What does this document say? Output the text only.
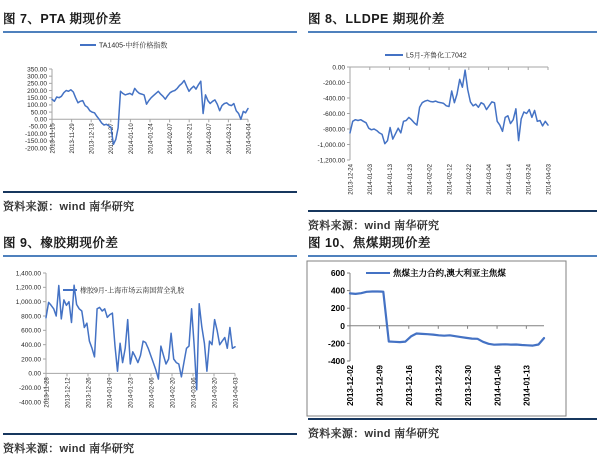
图 7、PTA 期现价差	图 8、LLDPE 期现价差
图 9、橡胶期现价差	图 10、焦煤期现价差
350.00
300.00
250.00
200.00
150.00
100.00
50.00
0.00
-50.00
-100.00
-150.00
-200.00 2013-11-15 2013-11-29 2013-12-13 2013-12-27 2014-01-10 2014-01-24 2014-02-07 2014-02-21 2014-03-07 2014-03-21 2014-04-04
TA1405-中纤价格指数
0.00
-200.00
-400.00
-600.00
-800.00
-1,000.00
-1,200.00
2013-12-24 2014-01-03 2014-01-13 2014-01-23 2014-02-02 2014-02-12 2014-02-22 2014-03-04 2014-03-14 2014-03-24 2014-04-03
L5月-齐鲁化工7042
1,400.00
1,200.00
1,000.00
800.00
600.00
400.00
200.00
0.00
-200.00
-400.00 2013-11-28	2013-12-12	2013-12-26	2014-01-09 2014-01-23	2014-02-06	2014-02-20	2014-03-06	2014-03-20	2014-04-03
橡胶9月-上海市场云南国营全乳胶
600
400
200
0
-200
-400
2013-12-02	2013-12-09	2013-12-16	2013-12-23	2013-12-30	2014-01-06	2014-01-13
焦煤主力合约,澳大利亚主焦煤
资料来源：wind 南华研究
资料来源：wind 南华研究
资料来源：wind 南华研究
资料来源：wind 南华研究
